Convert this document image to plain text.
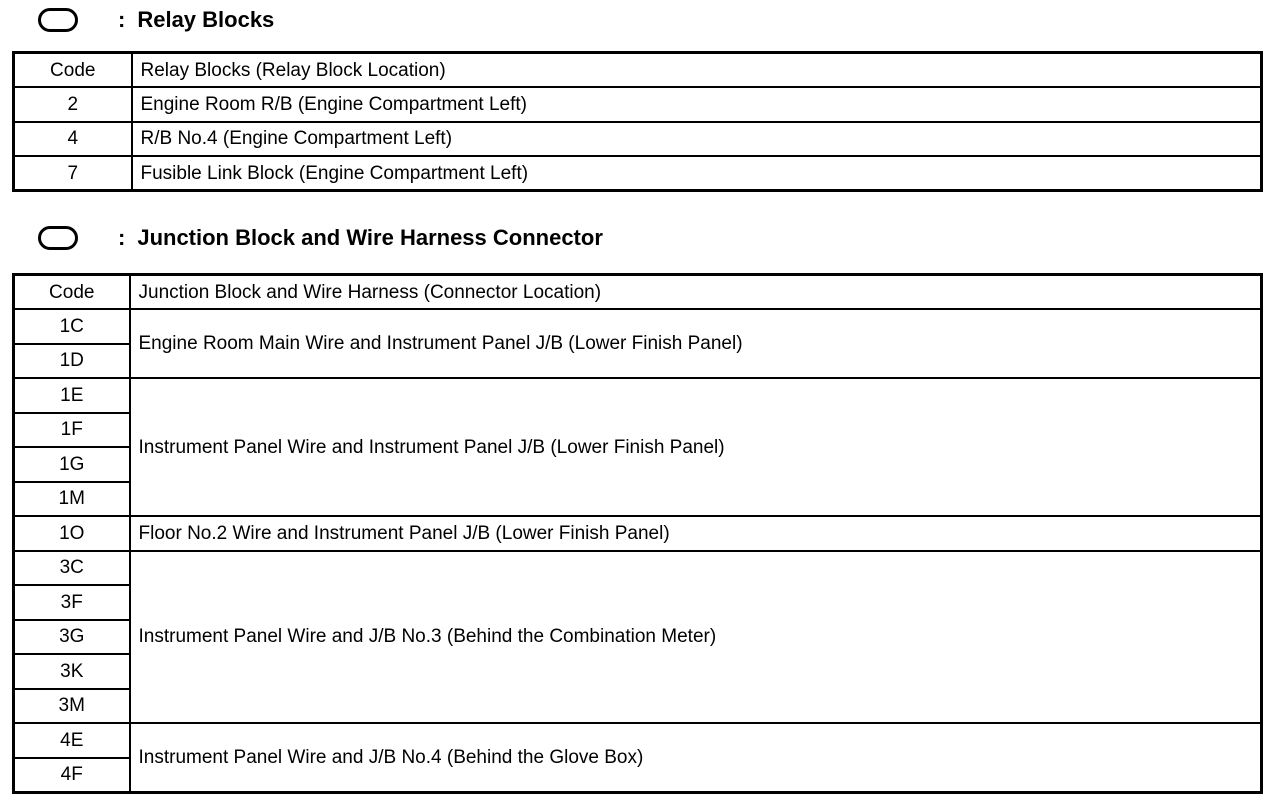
: Relay Blocks
Code	Relay Blocks (Relay Block Location)
2	Engine Room R/B (Engine Compartment Left)
4	R/B No.4 (Engine Compartment Left)
7	Fusible Link Block (Engine Compartment Left)
: Junction Block and Wire Harness Connector
Code	Junction Block and Wire Harness (Connector Location)
1C	Engine Room Main Wire and Instrument Panel J/B (Lower Finish Panel)
1D	
1E	Instrument Panel Wire and Instrument Panel J/B (Lower Finish Panel)
1F	
1G	
1M	
1O	Floor No.2 Wire and Instrument Panel J/B (Lower Finish Panel)
3C	Instrument Panel Wire and J/B No.3 (Behind the Combination Meter)
3F	
3G	
3K	
3M	
4E	Instrument Panel Wire and J/B No.4 (Behind the Glove Box)
4F	
